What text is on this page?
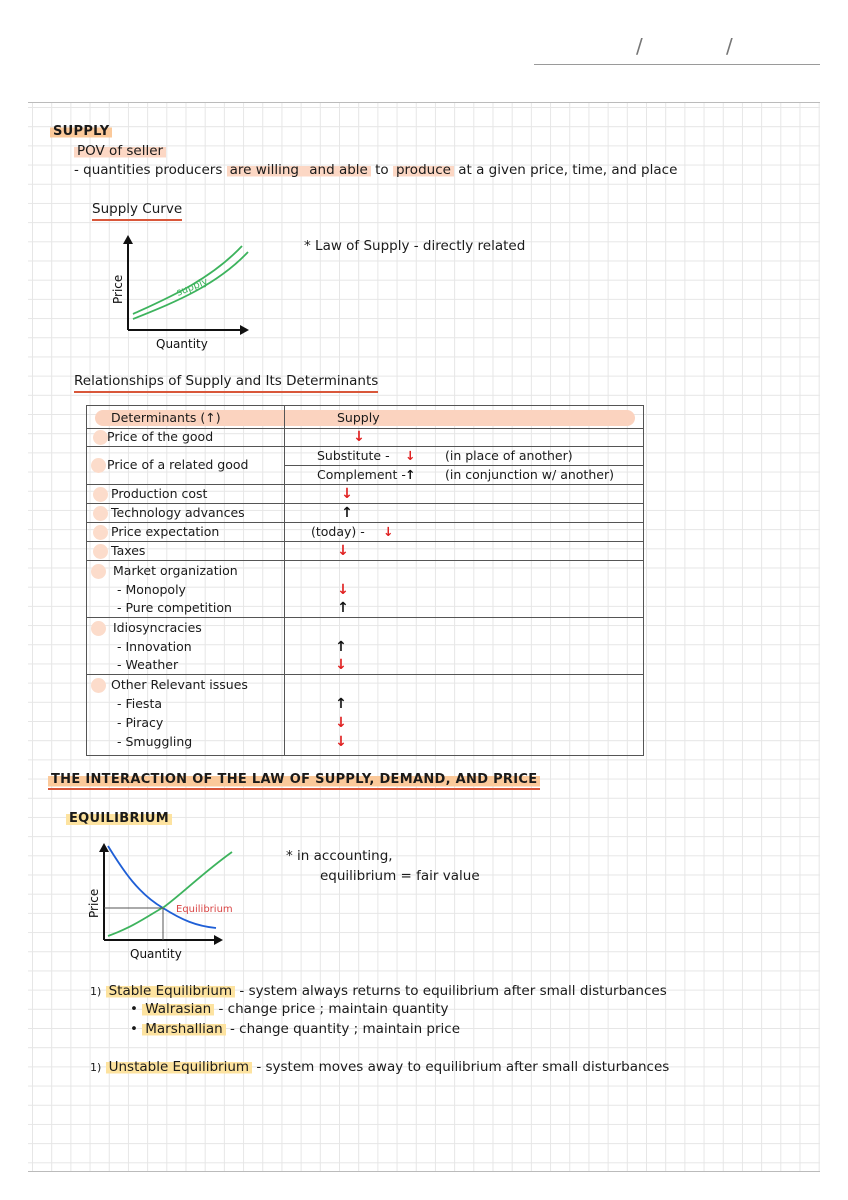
/	/
SUPPLY
POV of seller
- quantities producers are willing and able to produce at a given price, time, and place
Supply Curve
supply
Price
Quantity
* Law of Supply - directly related
Relationships of Supply and Its Determinants
Determinants (↑)	Supply
Price of the good	↓
Price of a related good
Substitute - ↓ (in place of another)
Complement - ↑ (in conjunction w/ another)
Production cost	↓
Technology advances	↑
Price expectation	(today) - ↓
Taxes	↓
Market organization
- Monopoly	↓
- Pure competition	↑
Idiosyncracies
- Innovation	↑
- Weather	↓
Other Relevant issues
- Fiesta	↑
- Piracy	↓
- Smuggling	↓
THE INTERACTION OF THE LAW OF SUPPLY, DEMAND, AND PRICE
EQUILIBRIUM
Equilibrium
Price
Quantity
* in accounting,
equilibrium = fair value
1) Stable Equilibrium - system always returns to equilibrium after small disturbances
• Walrasian - change price ; maintain quantity
• Marshallian - change quantity ; maintain price
1) Unstable Equilibrium - system moves away to equilibrium after small disturbances
